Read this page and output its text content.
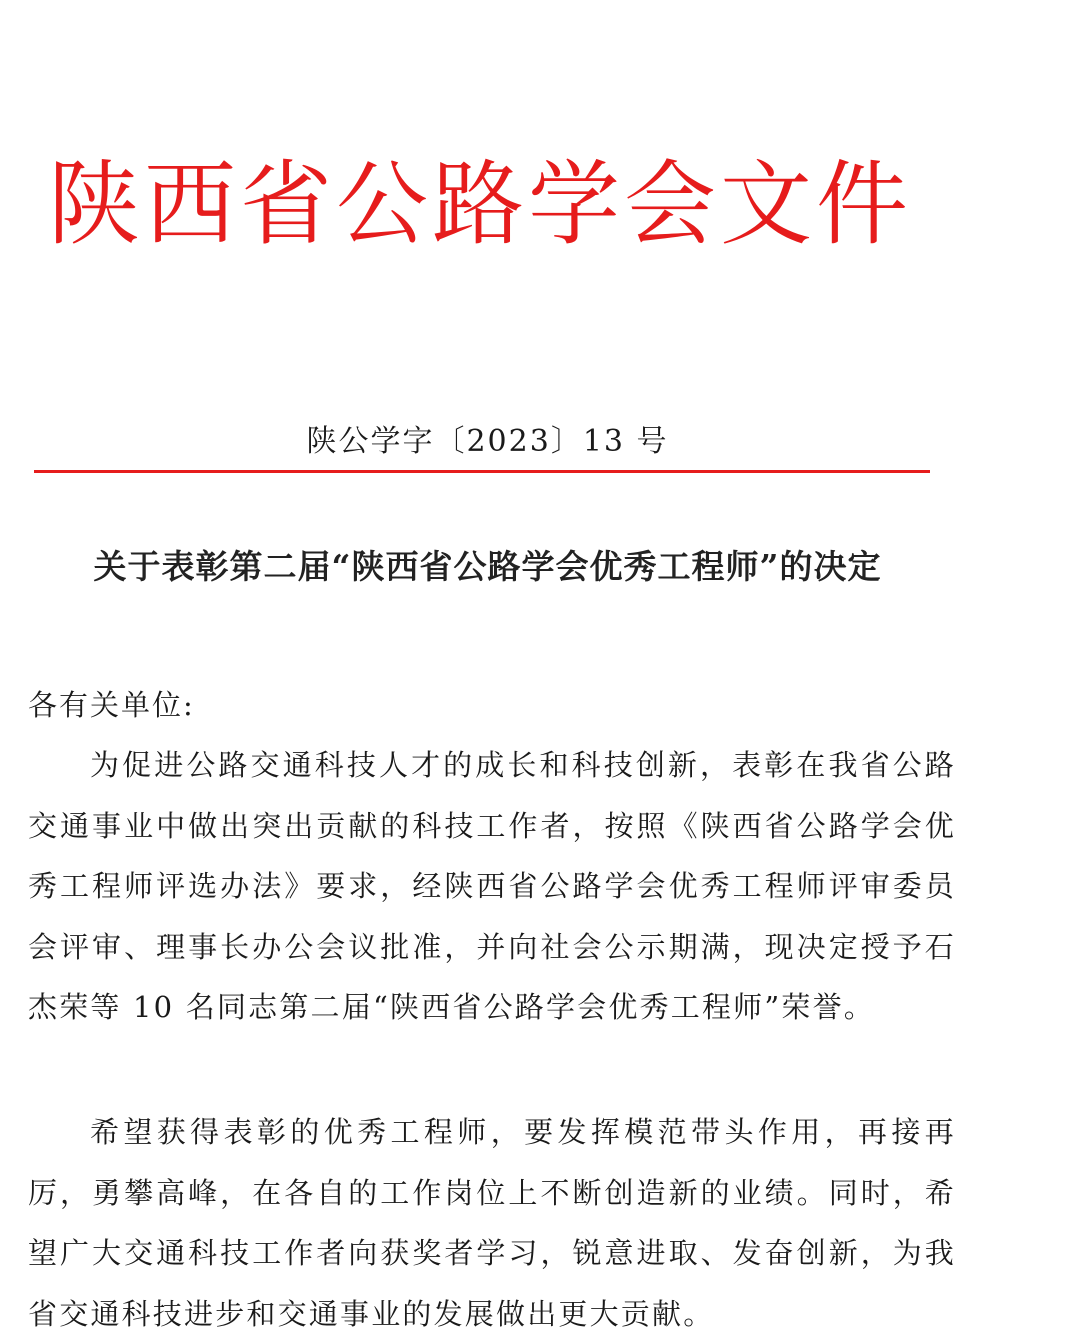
陕西省公路学会文件
陕公学字〔2023〕13 号
关于表彰第二届“陕西省公路学会优秀工程师”的决定
各有关单位:
为促进公路交通科技人才的成长和科技创新，表彰在我省公路交通事业中做出突出贡献的科技工作者，按照《陕西省公路学会优秀工程师评选办法》要求，经陕西省公路学会优秀工程师评审委员会评审、理事长办公会议批准，并向社会公示期满，现决定授予石杰荣等 10 名同志第二届“陕西省公路学会优秀工程师”荣誉。
希望获得表彰的优秀工程师，要发挥模范带头作用，再接再厉，勇攀高峰，在各自的工作岗位上不断创造新的业绩。同时，希望广大交通科技工作者向获奖者学习，锐意进取、发奋创新，为我省交通科技进步和交通事业的发展做出更大贡献。
